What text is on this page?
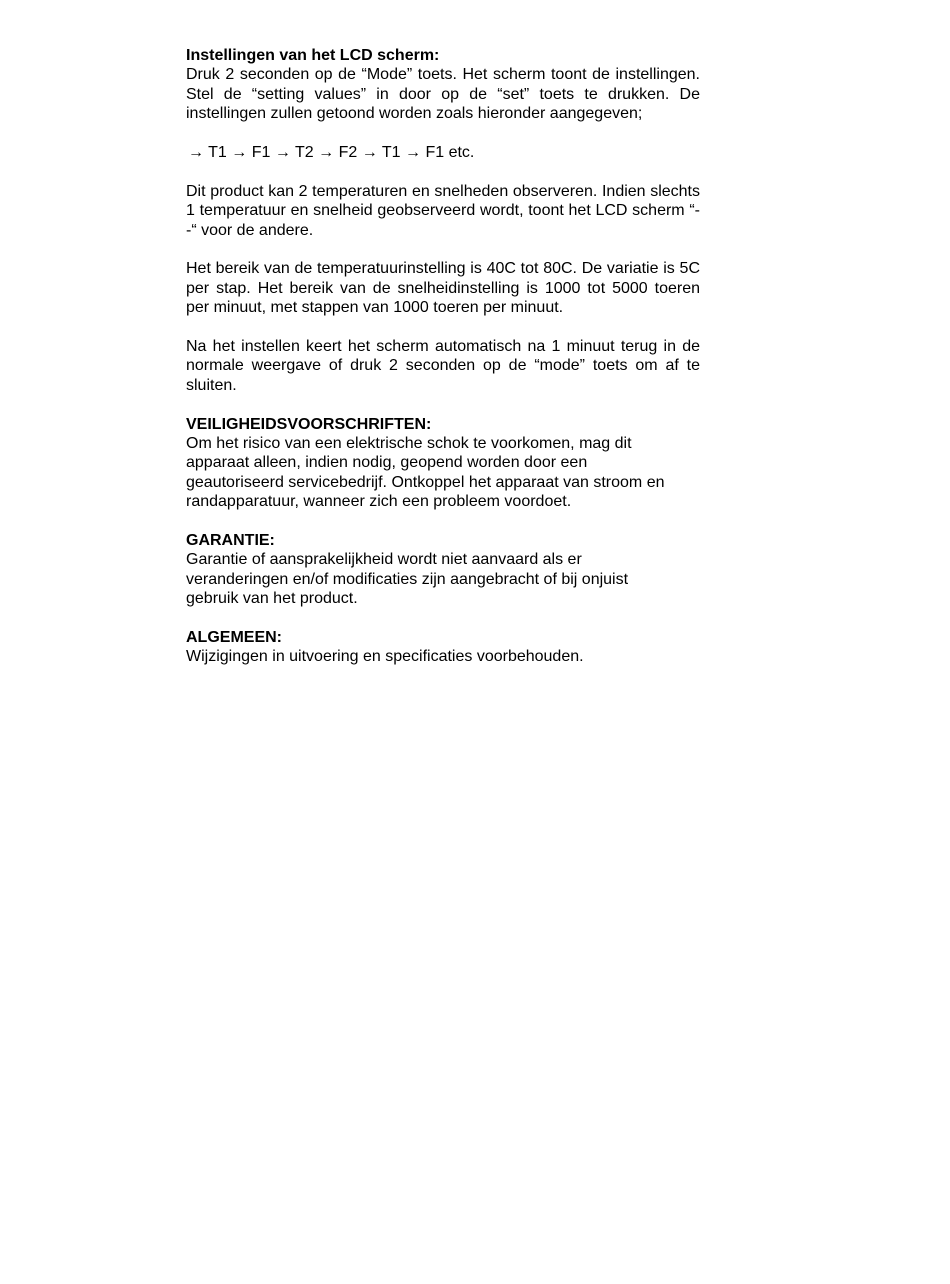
Instellingen van het LCD scherm:

Druk 2 seconden op de “Mode” toets. Het scherm toont de instellingen. Stel de “setting values” in door op de “set” toets te drukken. De instellingen zullen getoond worden zoals hieronder aangegeven;

→ T1 → F1 → T2 → F2 → T1 → F1 etc.

Dit product kan 2 temperaturen en snelheden observeren. Indien slechts 1 temperatuur en snelheid geobserveerd wordt, toont het LCD scherm “- -“ voor de andere.

Het bereik van de temperatuurinstelling is 40C tot 80C. De variatie is 5C per stap. Het bereik van de snelheidinstelling is 1000 tot 5000 toeren per minuut, met stappen van 1000 toeren per minuut.

Na het instellen keert het scherm automatisch na 1 minuut terug in de normale weergave of druk 2 seconden op de “mode” toets om af te sluiten.

VEILIGHEIDSVOORSCHRIFTEN:

Om het risico van een elektrische schok te voorkomen, mag dit
apparaat alleen, indien nodig, geopend worden door een
geautoriseerd servicebedrijf. Ontkoppel het apparaat van stroom en
randapparatuur, wanneer zich een probleem voordoet.

GARANTIE:

Garantie of aansprakelijkheid wordt niet aanvaard als er
veranderingen en/of modificaties zijn aangebracht of bij onjuist
gebruik van het product.

ALGEMEEN:

Wijzigingen in uitvoering en specificaties voorbehouden.
